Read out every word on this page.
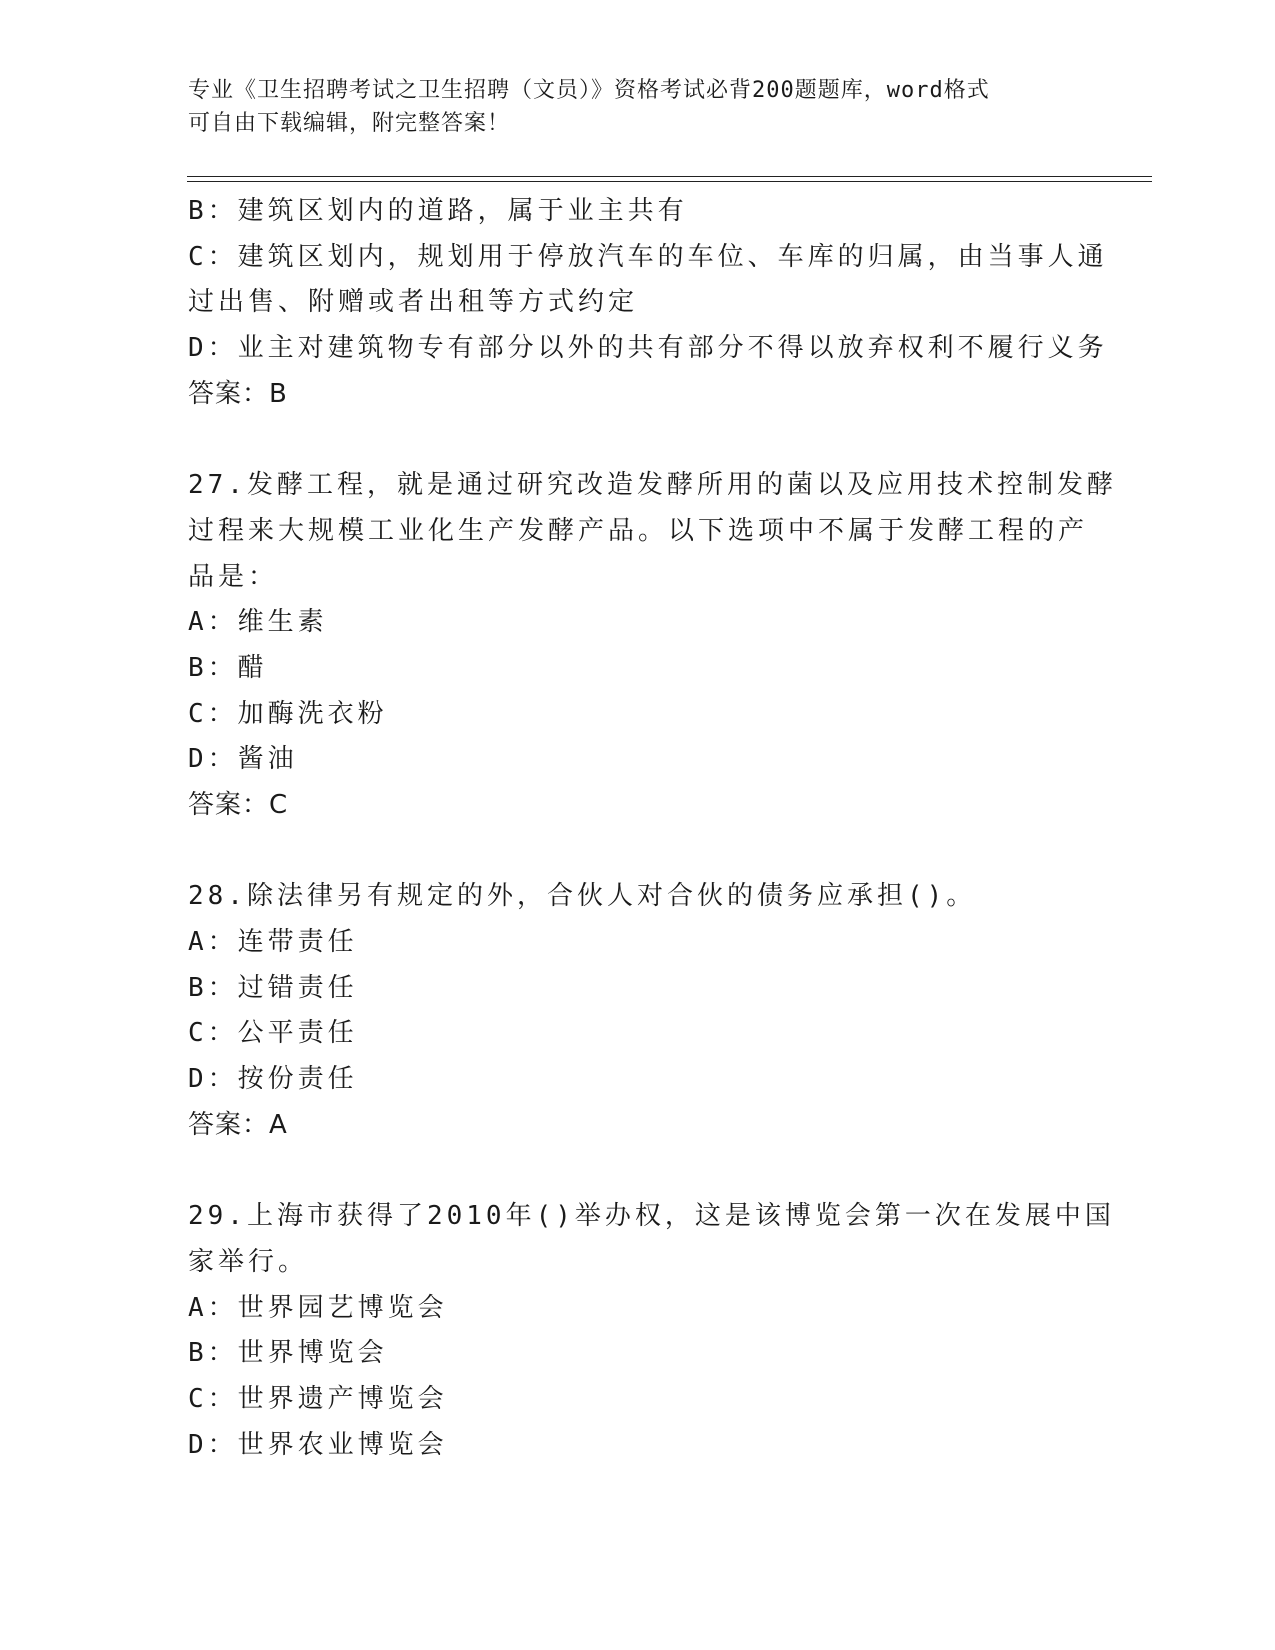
专业《卫生招聘考试之卫生招聘（文员）》资格考试必背200题题库，word格式
可自由下载编辑，附完整答案！
B：建筑区划内的道路，属于业主共有
C：建筑区划内，规划用于停放汽车的车位、车库的归属，由当事人通
过出售、附赠或者出租等方式约定
D：业主对建筑物专有部分以外的共有部分不得以放弃权利不履行义务
答案：B
27.发酵工程，就是通过研究改造发酵所用的菌以及应用技术控制发酵
过程来大规模工业化生产发酵产品。以下选项中不属于发酵工程的产
品是：
A：维生素
B：醋
C：加酶洗衣粉
D：酱油
答案：C
28.除法律另有规定的外，合伙人对合伙的债务应承担()。
A：连带责任
B：过错责任
C：公平责任
D：按份责任
答案：A
29.上海市获得了2010年()举办权，这是该博览会第一次在发展中国
家举行。
A：世界园艺博览会
B：世界博览会
C：世界遗产博览会
D：世界农业博览会
